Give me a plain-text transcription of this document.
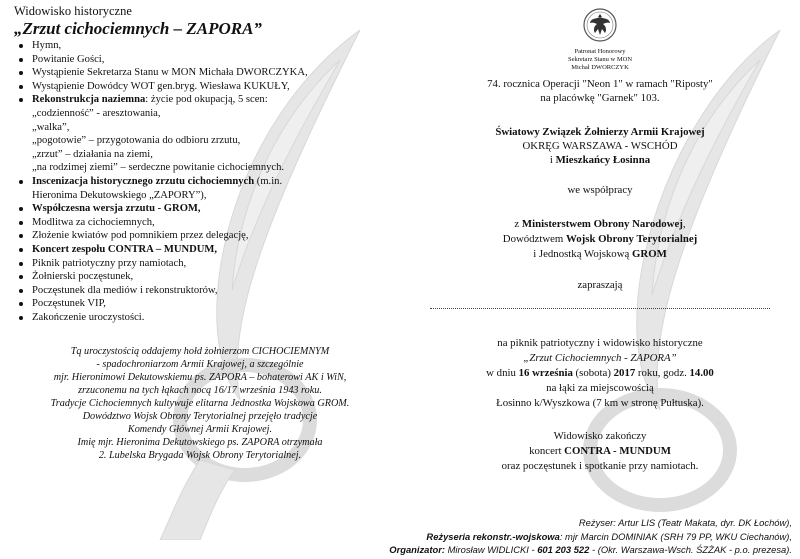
Widowisko historyczne
„Zrzut cichociemnych – ZAPORA”
Hymn,
Powitanie Gości,
Wystąpienie Sekretarza Stanu w MON Michała DWORCZYKA,
Wystąpienie Dowódcy WOT gen.bryg. Wiesława KUKUŁY,
Rekonstrukcja naziemna: życie pod okupacją, 5 scen:
„codzienność” - aresztowania,
„walka”,
„pogotowie” – przygotowania do odbioru zrzutu,
„zrzut” – działania na ziemi,
„na rodzimej ziemi” – serdeczne powitanie cichociemnych.
Inscenizacja historycznego zrzutu cichociemnych (m.in.
Hieronima Dekutowskiego „ZAPORY”),
Współczesna wersja zrzutu - GROM,
Modlitwa za cichociemnych,
Złożenie kwiatów pod pomnikiem przez delegację,
Koncert zespołu CONTRA – MUNDUM,
Piknik patriotyczny przy namiotach,
Żołnierski poczęstunek,
Poczęstunek dla mediów i rekonstruktorów,
Poczęstunek VIP,
Zakończenie uroczystości.
Tq uroczystością oddajemy hołd żołnierzom CICHOCIEMNYM
- spadochroniarzom Armii Krajowej, a szczególnie
mjr. Hieronimowi Dekutowskiemu ps. ZAPORA – bohaterowi AK i WiN,
zrzuconemu na tych łąkach nocą 16/17 września 1943 roku.
Tradycje Cichociemnych kultywuje elitarna Jednostka Wojskowa GROM.
Dowództwo Wojsk Obrony Terytorialnej przejęło tradycje
Komendy Głównej Armii Krajowej.
Imię mjr. Hieronima Dekutowskiego ps. ZAPORA otrzymała
2. Lubelska Brygada Wojsk Obrony Terytorialnej.
Patronat Honorowy
Sekretarz Stanu w MON
Michał DWORCZYK
74. rocznica Operacji "Neon 1" w ramach "Riposty"
na placówkę "Garnek" 103.
Światowy Związek Żołnierzy Armii Krajowej
OKRĘG WARSZAWA - WSCHÓD
i Mieszkańcy Łosinna
we współpracy
z Ministerstwem Obrony Narodowej,
Dowództwem Wojsk Obrony Terytorialnej
i Jednostką Wojskową GROM
zapraszają
na piknik patriotyczny i widowisko historyczne
„Zrzut Cichociemnych - ZAPORA”
w dniu 16 września (sobota) 2017 roku, godz. 14.00
na łąki za miejscowością
Łosinno k/Wyszkowa (7 km w stronę Pułtuska).
Widowisko zakończy
koncert CONTRA - MUNDUM
oraz poczęstunek i spotkanie przy namiotach.
Reżyser: Artur LIS (Teatr Makata, dyr. DK Łochów),
Reżyseria rekonstr.-wojskowa: mjr Marcin DOMINIAK (SRH 79 PP, WKU Ciechanów),
Organizator: Mirosław WIDLICKI - 601 203 522 - (Okr. Warszawa-Wsch. ŚZŻAK - p.o. prezesa).
